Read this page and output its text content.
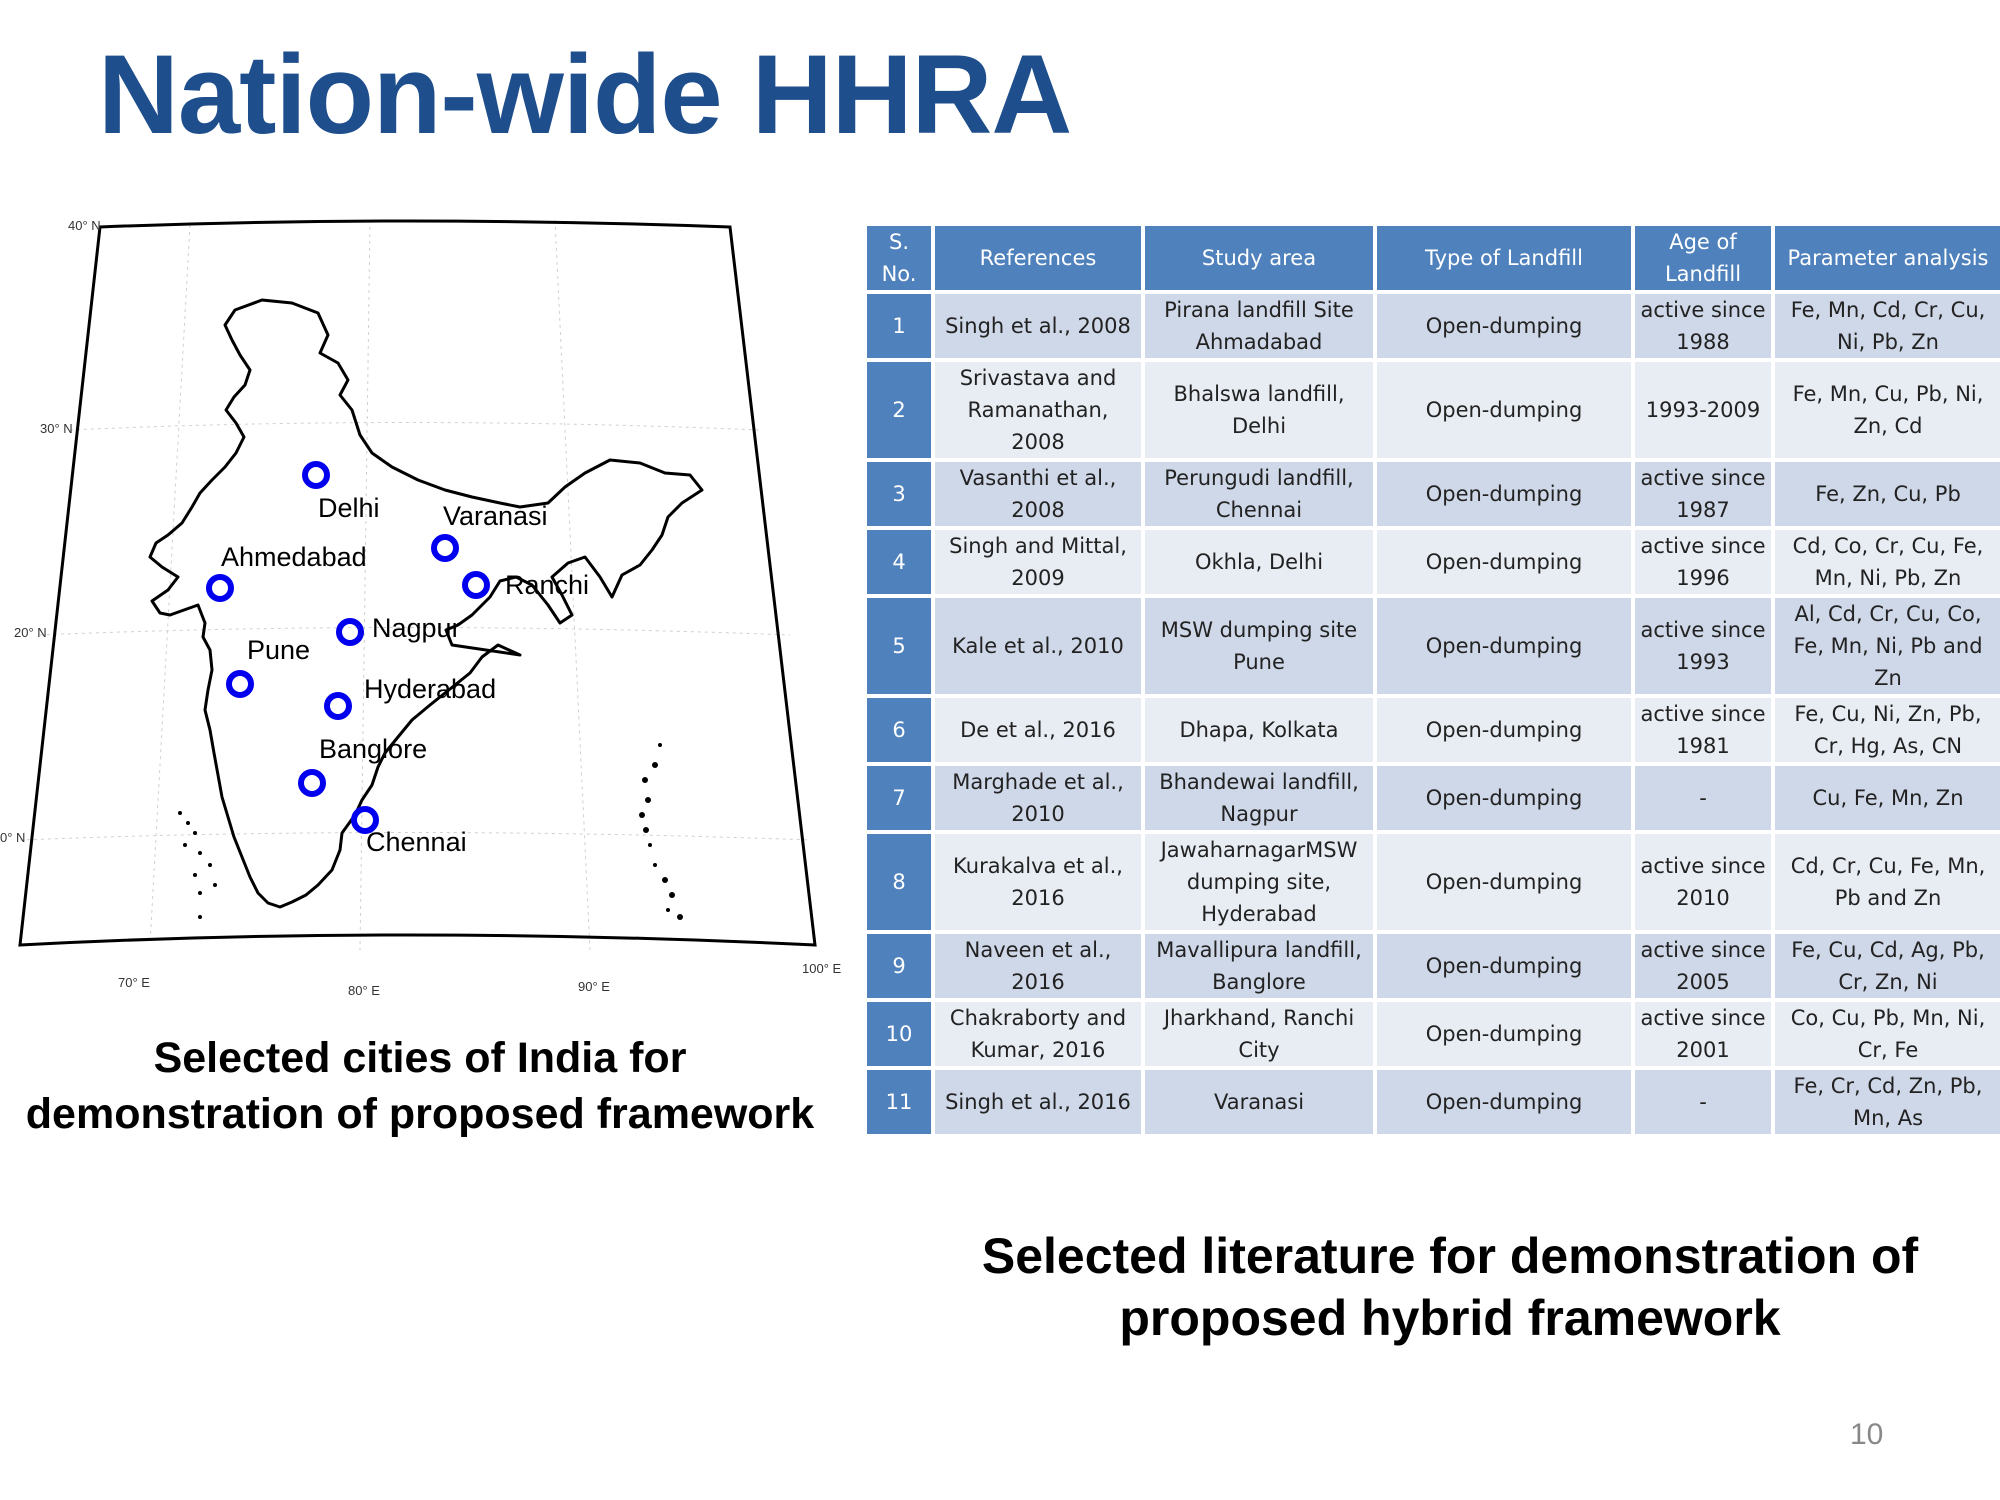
Nation-wide HHRA
40° N
30° N
20° N
0° N
70° E
80° E	90° E
100° E
Delhi Varanasi
Ahmedabad
Ranchi
Nagpur
Pune
Hyderabad
Banglore
Chennai
Selected cities of India for
demonstration of proposed framework
S. No.	References	Study area	Type of Landfill	Age of Landfill	Parameter analysis
1	Singh et al., 2008	Pirana landfill Site Ahmadabad	Open-dumping	active since 1988	Fe, Mn, Cd, Cr, Cu, Ni, Pb, Zn
2	Srivastava and Ramanathan, 2008	Bhalswa landfill, Delhi	Open-dumping	1993-2009	Fe, Mn, Cu, Pb, Ni, Zn, Cd
3	Vasanthi et al., 2008	Perungudi landfill, Chennai	Open-dumping	active since 1987	Fe, Zn, Cu, Pb
4	Singh and Mittal, 2009	Okhla, Delhi	Open-dumping	active since 1996	Cd, Co, Cr, Cu, Fe, Mn, Ni, Pb, Zn
5	Kale et al., 2010	MSW dumping site Pune	Open-dumping	active since 1993	Al, Cd, Cr, Cu, Co, Fe, Mn, Ni, Pb and Zn
6	De et al., 2016	Dhapa, Kolkata	Open-dumping	active since 1981	Fe, Cu, Ni, Zn, Pb, Cr, Hg, As, CN
7	Marghade et al., 2010	Bhandewai landfill, Nagpur	Open-dumping	-	Cu, Fe, Mn, Zn
8	Kurakalva et al., 2016	JawaharnagarMSW dumping site, Hyderabad	Open-dumping	active since 2010	Cd, Cr, Cu, Fe, Mn, Pb and Zn
9	Naveen et al., 2016	Mavallipura landfill, Banglore	Open-dumping	active since 2005	Fe, Cu, Cd, Ag, Pb, Cr, Zn, Ni
10	Chakraborty and Kumar, 2016	Jharkhand, Ranchi City	Open-dumping	active since 2001	Co, Cu, Pb, Mn, Ni, Cr, Fe
11	Singh et al., 2016	Varanasi	Open-dumping	-	Fe, Cr, Cd, Zn, Pb, Mn, As
Selected literature for demonstration of
proposed hybrid framework
10
